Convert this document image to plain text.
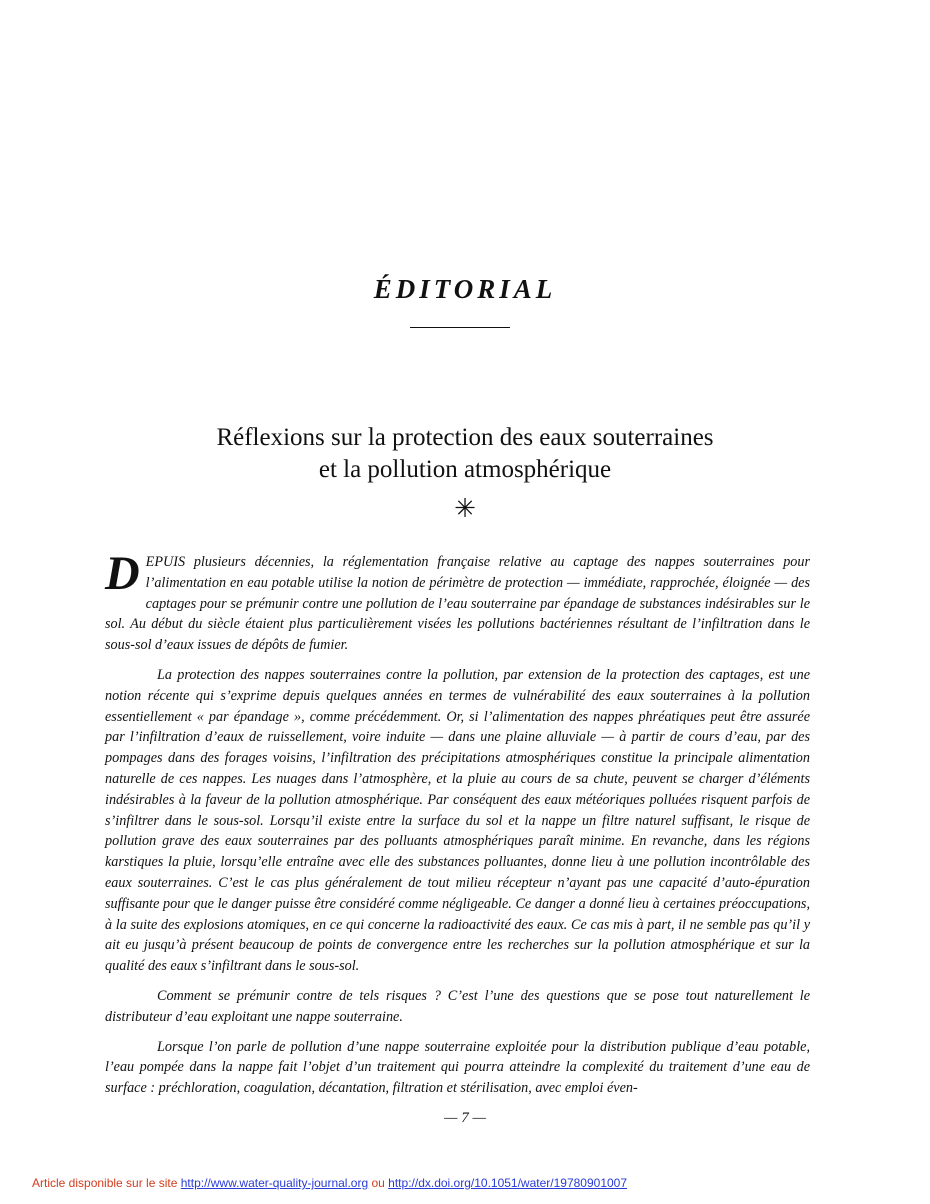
ÉDITORIAL
Réflexions sur la protection des eaux souterraines
et la pollution atmosphérique
✳

DEPUIS plusieurs décennies, la réglementation française relative au captage des nappes souterraines pour l’alimentation en eau potable utilise la notion de périmètre de protection — immédiate, rapprochée, éloignée — des captages pour se prémunir contre une pollution de l’eau souterraine par épandage de substances indésirables sur le sol. Au début du siècle étaient plus particulièrement visées les pollutions bactériennes résultant de l’infiltration dans le sous-sol d’eaux issues de dépôts de fumier.

La protection des nappes souterraines contre la pollution, par extension de la protection des captages, est une notion récente qui s’exprime depuis quelques années en termes de vulnérabilité des eaux souterraines à la pollution essentiellement « par épandage », comme précédemment. Or, si l’alimentation des nappes phréatiques peut être assurée par l’infiltration d’eaux de ruissellement, voire induite — dans une plaine alluviale — à partir de cours d’eau, par des pompages dans des forages voisins, l’infiltration des précipitations atmosphériques constitue la principale alimentation naturelle de ces nappes. Les nuages dans l’atmosphère, et la pluie au cours de sa chute, peuvent se charger d’éléments indésirables à la faveur de la pollution atmosphérique. Par conséquent des eaux météoriques polluées risquent parfois de s’infiltrer dans le sous-sol. Lorsqu’il existe entre la surface du sol et la nappe un filtre naturel suffisant, le risque de pollution grave des eaux souterraines par des polluants atmosphériques paraît minime. En revanche, dans les régions karstiques la pluie, lorsqu’elle entraîne avec elle des substances polluantes, donne lieu à une pollution incontrôlable des eaux souterraines. C’est le cas plus généralement de tout milieu récepteur n’ayant pas une capacité d’auto-épuration suffisante pour que le danger puisse être considéré comme négligeable. Ce danger a donné lieu à certaines préoccupations, à la suite des explosions atomiques, en ce qui concerne la radioactivité des eaux. Ce cas mis à part, il ne semble pas qu’il y ait eu jusqu’à présent beaucoup de points de convergence entre les recherches sur la pollution atmosphérique et sur la qualité des eaux s’infiltrant dans le sous-sol.

Comment se prémunir contre de tels risques ? C’est l’une des questions que se pose tout naturellement le distributeur d’eau exploitant une nappe souterraine.

Lorsque l’on parle de pollution d’une nappe souterraine exploitée pour la distribution publique d’eau potable, l’eau pompée dans la nappe fait l’objet d’un traitement qui pourra atteindre la complexité du traitement d’une eau de surface : préchloration, coagulation, décantation, filtration et stérilisation, avec emploi éven-

— 7 —
Article disponible sur le site http://www.water-quality-journal.org ou http://dx.doi.org/10.1051/water/19780901007
